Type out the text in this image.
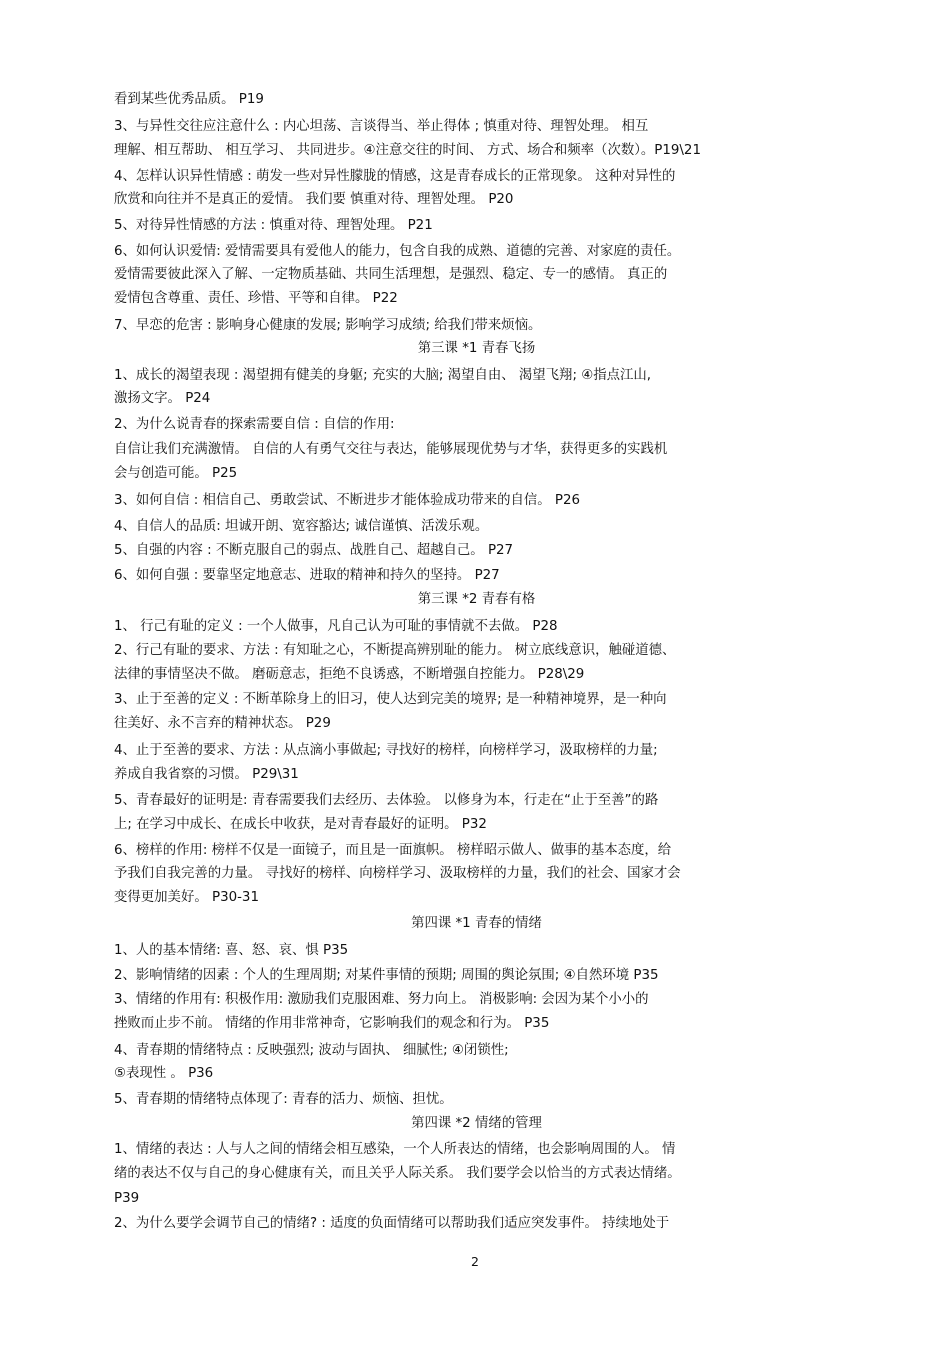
看到某些优秀品质。 P19
3、与异性交往应注意什么 : 内心坦荡、言谈得当、举止得体 ; 慎重对待、理智处理。 相互
理解、相互帮助、 相互学习、 共同进步。④注意交往的时间、 方式、场合和频率（次数）。P19\21
4、怎样认识异性情感 : 萌发一些对异性朦胧的情感，这是青春成长的正常现象。 这种对异性的
欣赏和向往并不是真正的爱情。 我们要 慎重对待、理智处理。 P20
5、对待异性情感的方法 : 慎重对待、理智处理。 P21
6、如何认识爱情: 爱情需要具有爱他人的能力，包含自我的成熟、道德的完善、对家庭的责任。
爱情需要彼此深入了解、一定物质基础、共同生活理想，是强烈、稳定、专一的感情。 真正的
爱情包含尊重、责任、珍惜、平等和自律。 P22
7、早恋的危害 : 影响身心健康的发展; 影响学习成绩; 给我们带来烦恼。
第三课 *1 青春飞扬
1、成长的渴望表现 : 渴望拥有健美的身躯; 充实的大脑; 渴望自由、 渴望飞翔; ④指点江山,
激扬文字。 P24
2、为什么说青春的探索需要自信 : 自信的作用:
自信让我们充满激情。 自信的人有勇气交往与表达，能够展现优势与才华，获得更多的实践机
会与创造可能。 P25
3、如何自信 : 相信自己、勇敢尝试、不断进步才能体验成功带来的自信。 P26
4、自信人的品质: 坦诚开朗、宽容豁达; 诚信谨慎、活泼乐观。
5、自强的内容 : 不断克服自己的弱点、战胜自己、超越自己。 P27
6、如何自强 : 要靠坚定地意志、进取的精神和持久的坚持。 P27
第三课 *2 青春有格
1、 行己有耻的定义 : 一个人做事，凡自己认为可耻的事情就不去做。 P28
2、行己有耻的要求、方法 : 有知耻之心，不断提高辨别耻的能力。 树立底线意识，触碰道德、
法律的事情坚决不做。 磨砺意志，拒绝不良诱惑，不断增强自控能力。 P28\29
3、止于至善的定义 : 不断革除身上的旧习，使人达到完美的境界; 是一种精神境界，是一种向
往美好、永不言弃的精神状态。 P29
4、止于至善的要求、方法 : 从点滴小事做起; 寻找好的榜样，向榜样学习，汲取榜样的力量;
养成自我省察的习惯。 P29\31
5、青春最好的证明是: 青春需要我们去经历、去体验。 以修身为本，行走在“止于至善”的路
上; 在学习中成长、在成长中收获，是对青春最好的证明。 P32
6、榜样的作用: 榜样不仅是一面镜子，而且是一面旗帜。 榜样昭示做人、做事的基本态度，给
予我们自我完善的力量。 寻找好的榜样、向榜样学习、汲取榜样的力量，我们的社会、国家才会
变得更加美好。 P30-31
第四课 *1 青春的情绪
1、人的基本情绪: 喜、怒、哀、惧 P35
2、影响情绪的因素 : 个人的生理周期; 对某件事情的预期; 周围的舆论氛围; ④自然环境 P35
3、情绪的作用有: 积极作用: 激励我们克服困难、努力向上。 消极影响: 会因为某个小小的
挫败而止步不前。 情绪的作用非常神奇，它影响我们的观念和行为。 P35
4、青春期的情绪特点 : 反映强烈; 波动与固执、 细腻性; ④闭锁性;
⑤表现性 。 P36
5、青春期的情绪特点体现了: 青春的活力、烦恼、担忧。
第四课 *2 情绪的管理
1、情绪的表达 : 人与人之间的情绪会相互感染，一个人所表达的情绪，也会影响周围的人。 情
绪的表达不仅与自己的身心健康有关，而且关乎人际关系。 我们要学会以恰当的方式表达情绪。
P39
2、为什么要学会调节自己的情绪? : 适度的负面情绪可以帮助我们适应突发事件。 持续地处于
2
